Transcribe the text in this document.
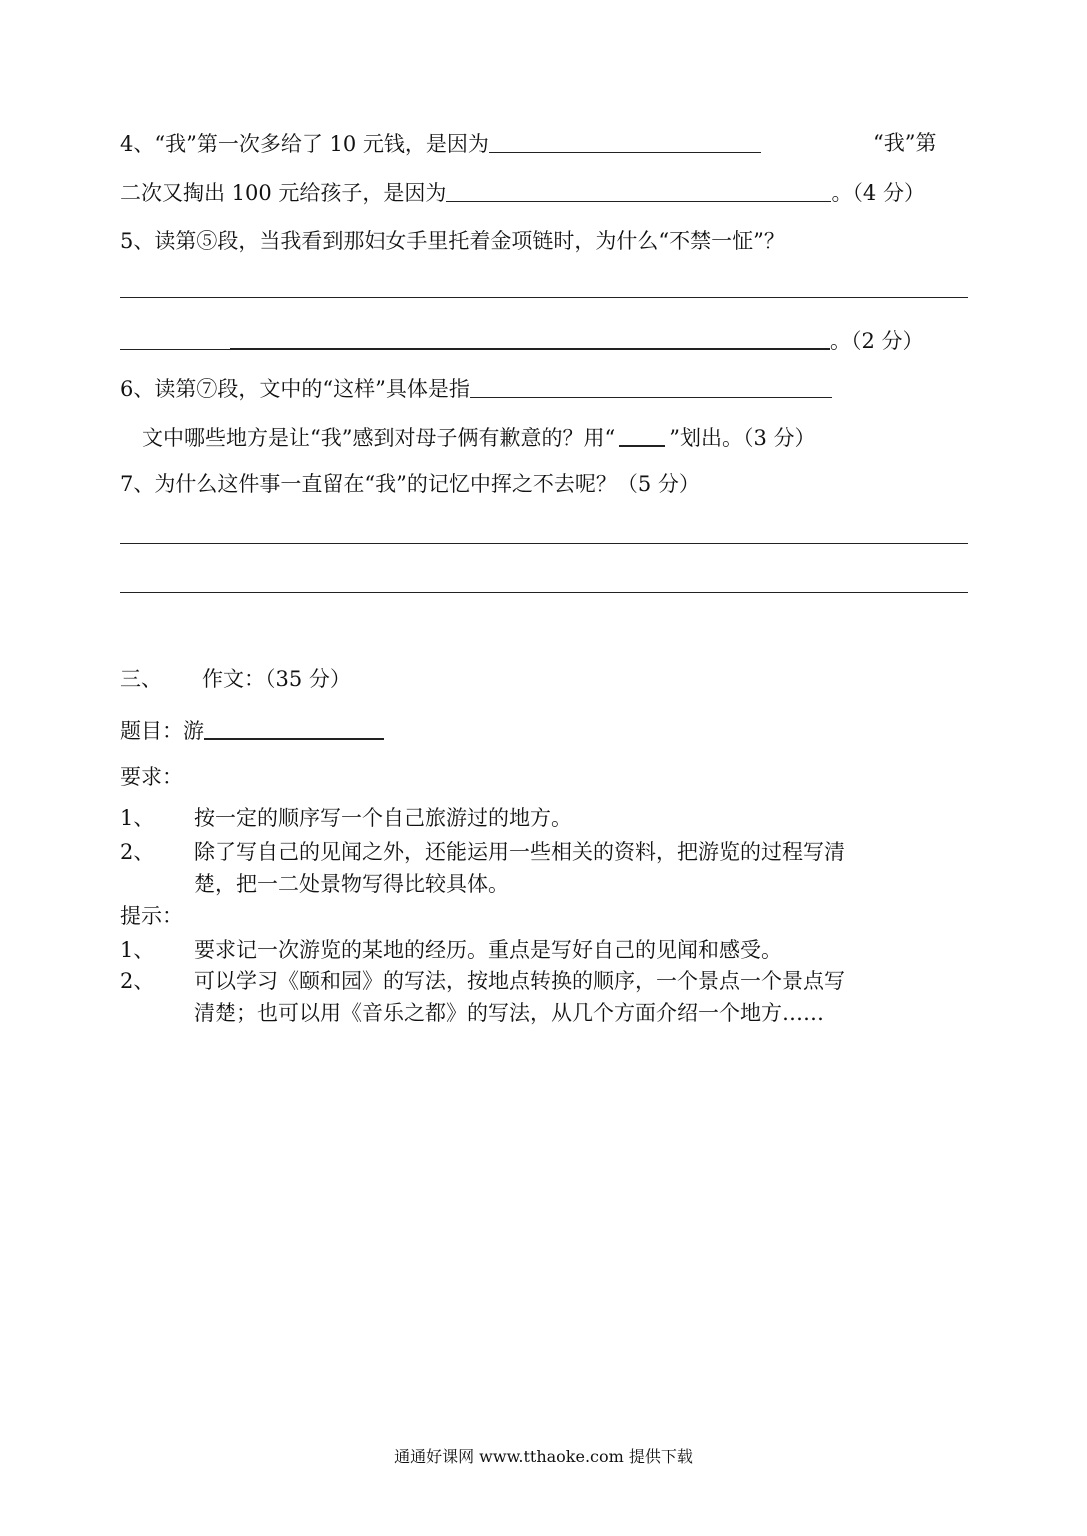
4、“我”第一次多给了 10 元钱，是因为	“我”第
二次又掏出 100 元给孩子，是因为	。（4 分）
5、读第⑤段，当我看到那妇女手里托着金项链时，为什么“不禁一怔”？
。（2 分）
6、读第⑦段，文中的“这样”具体是指
文中哪些地方是让“我”感到对母子俩有歉意的？用“	”划出。（3 分）
7、为什么这件事一直留在“我”的记忆中挥之不去呢？（5 分）
三、 作文：（35 分）
题目：游
要求：
1、 按一定的顺序写一个自己旅游过的地方。
2、 除了写自己的见闻之外，还能运用一些相关的资料，把游览的过程写清
楚，把一二处景物写得比较具体。
提示：
1、 要求记一次游览的某地的经历。重点是写好自己的见闻和感受。
2、 可以学习《颐和园》的写法，按地点转换的顺序，一个景点一个景点写
清楚；也可以用《音乐之都》的写法，从几个方面介绍一个地方……
通通好课网 www.tthaoke.com 提供下载
